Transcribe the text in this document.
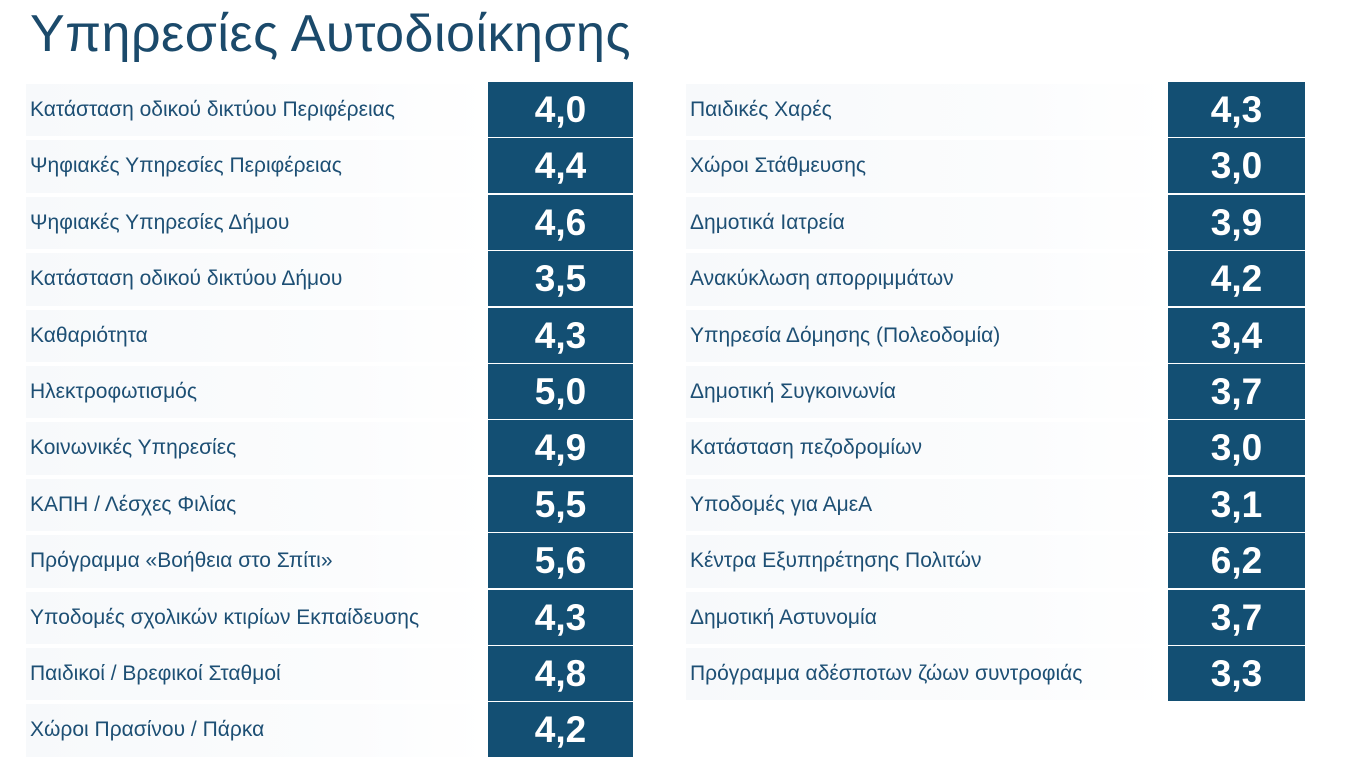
Υπηρεσίες Αυτοδιοίκησης
Κατάσταση οδικού δικτύου Περιφέρειας	4,0
Ψηφιακές Υπηρεσίες Περιφέρειας	4,4
Ψηφιακές Υπηρεσίες Δήμου	4,6
Κατάσταση οδικού δικτύου Δήμου	3,5
Καθαριότητα	4,3
Ηλεκτροφωτισμός	5,0
Κοινωνικές Υπηρεσίες	4,9
ΚΑΠΗ / Λέσχες Φιλίας	5,5
Πρόγραμμα «Βοήθεια στο Σπίτι»	5,6
Υποδομές σχολικών κτιρίων Εκπαίδευσης	4,3
Παιδικοί / Βρεφικοί Σταθμοί	4,8
Χώροι Πρασίνου / Πάρκα	4,2
Παιδικές Χαρές	4,3
Χώροι Στάθμευσης	3,0
Δημοτικά Ιατρεία	3,9
Ανακύκλωση απορριμμάτων	4,2
Υπηρεσία Δόμησης (Πολεοδομία)	3,4
Δημοτική Συγκοινωνία	3,7
Κατάσταση πεζοδρομίων	3,0
Υποδομές για ΑμεΑ	3,1
Κέντρα Εξυπηρέτησης Πολιτών	6,2
Δημοτική Αστυνομία	3,7
Πρόγραμμα αδέσποτων ζώων συντροφιάς	3,3
